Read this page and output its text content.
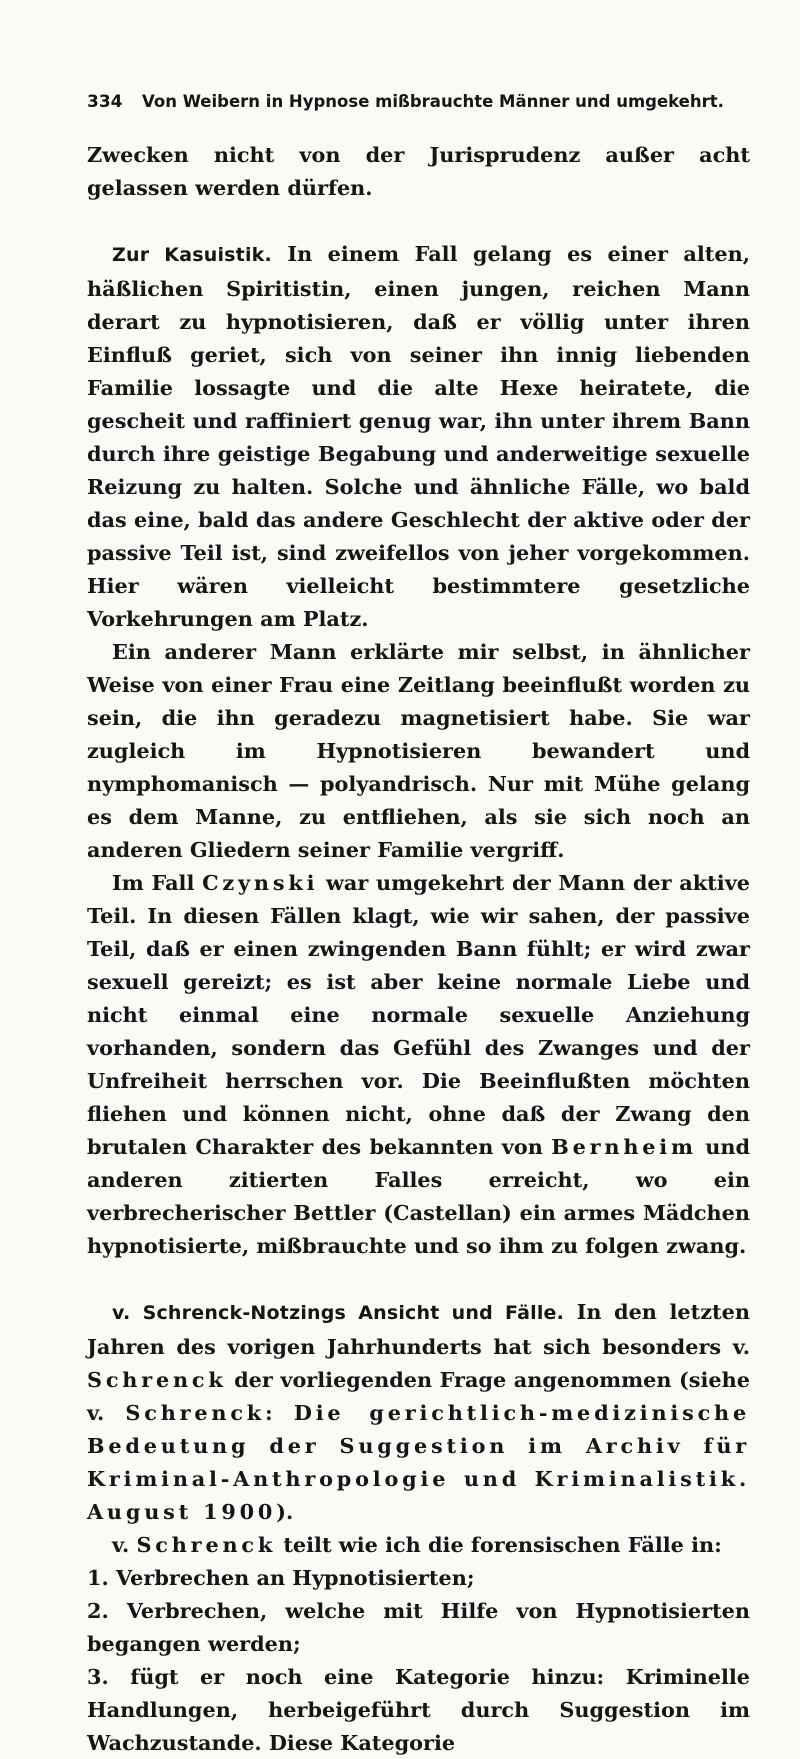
334	Von Weibern in Hypnose mißbrauchte Männer und umgekehrt.

Zwecken nicht von der Jurisprudenz außer acht gelassen werden dürfen.

Zur Kasuistik. In einem Fall gelang es einer alten, häßlichen Spiritistin, einen jungen, reichen Mann derart zu hypnotisieren, daß er völlig unter ihren Einfluß geriet, sich von seiner ihn innig liebenden Familie lossagte und die alte Hexe heiratete, die gescheit und raffiniert genug war, ihn unter ihrem Bann durch ihre geistige Begabung und anderweitige sexuelle Reizung zu halten. Solche und ähnliche Fälle, wo bald das eine, bald das andere Geschlecht der aktive oder der passive Teil ist, sind zweifellos von jeher vorgekommen. Hier wären vielleicht bestimmtere gesetzliche Vorkehrungen am Platz.

Ein anderer Mann erklärte mir selbst, in ähnlicher Weise von einer Frau eine Zeitlang beeinflußt worden zu sein, die ihn geradezu magnetisiert habe. Sie war zugleich im Hypnotisieren bewandert und nymphomanisch — polyandrisch. Nur mit Mühe gelang es dem Manne, zu entfliehen, als sie sich noch an anderen Gliedern seiner Familie vergriff.

Im Fall Czynski war umgekehrt der Mann der aktive Teil. In diesen Fällen klagt, wie wir sahen, der passive Teil, daß er einen zwingenden Bann fühlt; er wird zwar sexuell gereizt; es ist aber keine normale Liebe und nicht einmal eine normale sexuelle Anziehung vorhanden, sondern das Gefühl des Zwanges und der Unfreiheit herrschen vor. Die Beeinflußten möchten fliehen und können nicht, ohne daß der Zwang den brutalen Charakter des bekannten von Bernheim und anderen zitierten Falles erreicht, wo ein verbrecherischer Bettler (Castellan) ein armes Mädchen hypnotisierte, mißbrauchte und so ihm zu folgen zwang.

v. Schrenck-Notzings Ansicht und Fälle. In den letzten Jahren des vorigen Jahrhunderts hat sich besonders v. Schrenck der vorliegenden Frage angenommen (siehe v. Schrenck: Die gerichtlich-medizinische Bedeutung der Suggestion im Archiv für Kriminal-Anthropologie und Kriminalistik. August 1900).

v. Schrenck teilt wie ich die forensischen Fälle in:

1. Verbrechen an Hypnotisierten;

2. Verbrechen, welche mit Hilfe von Hypnotisierten begangen werden;

3. fügt er noch eine Kategorie hinzu: Kriminelle Handlungen, herbeigeführt durch Suggestion im Wachzustande. Diese Kategorie
